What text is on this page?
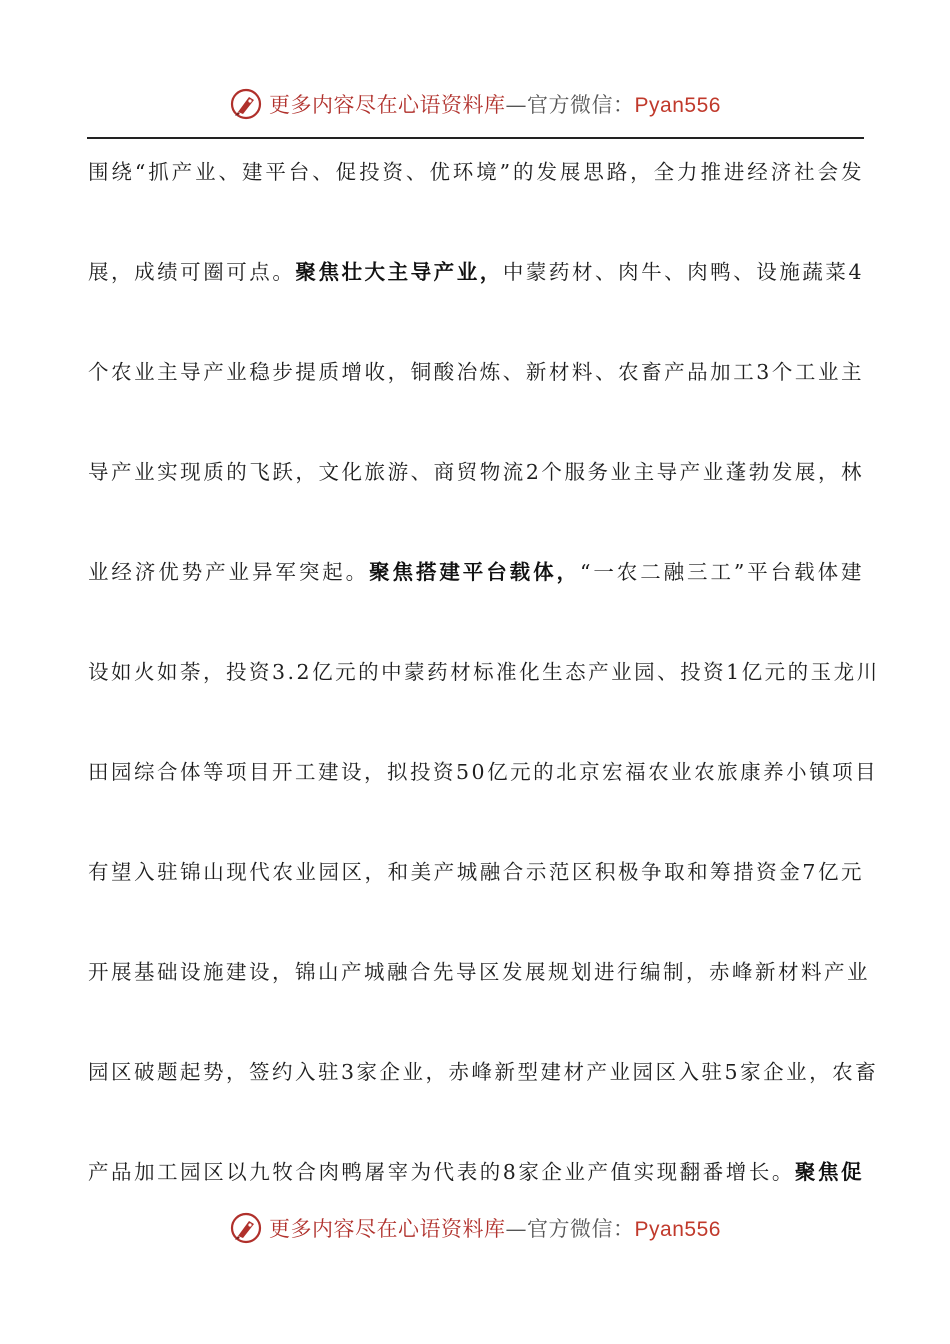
更多内容尽在心语资料库—官方微信：Pyan556
围绕“抓产业、建平台、促投资、优环境”的发展思路，全力推进经济社会发
展，成绩可圈可点。聚焦壮大主导产业，中蒙药材、肉牛、肉鸭、设施蔬菜4
个农业主导产业稳步提质增收，铜酸冶炼、新材料、农畜产品加工3个工业主
导产业实现质的飞跃，文化旅游、商贸物流2个服务业主导产业蓬勃发展，林
业经济优势产业异军突起。聚焦搭建平台载体，“一农二融三工”平台载体建
设如火如荼，投资3.2亿元的中蒙药材标准化生态产业园、投资1亿元的玉龙川
田园综合体等项目开工建设，拟投资50亿元的北京宏福农业农旅康养小镇项目
有望入驻锦山现代农业园区，和美产城融合示范区积极争取和筹措资金7亿元
开展基础设施建设，锦山产城融合先导区发展规划进行编制，赤峰新材料产业
园区破题起势，签约入驻3家企业，赤峰新型建材产业园区入驻5家企业，农畜
产品加工园区以九牧合肉鸭屠宰为代表的8家企业产值实现翻番增长。聚焦促
更多内容尽在心语资料库—官方微信：Pyan556
